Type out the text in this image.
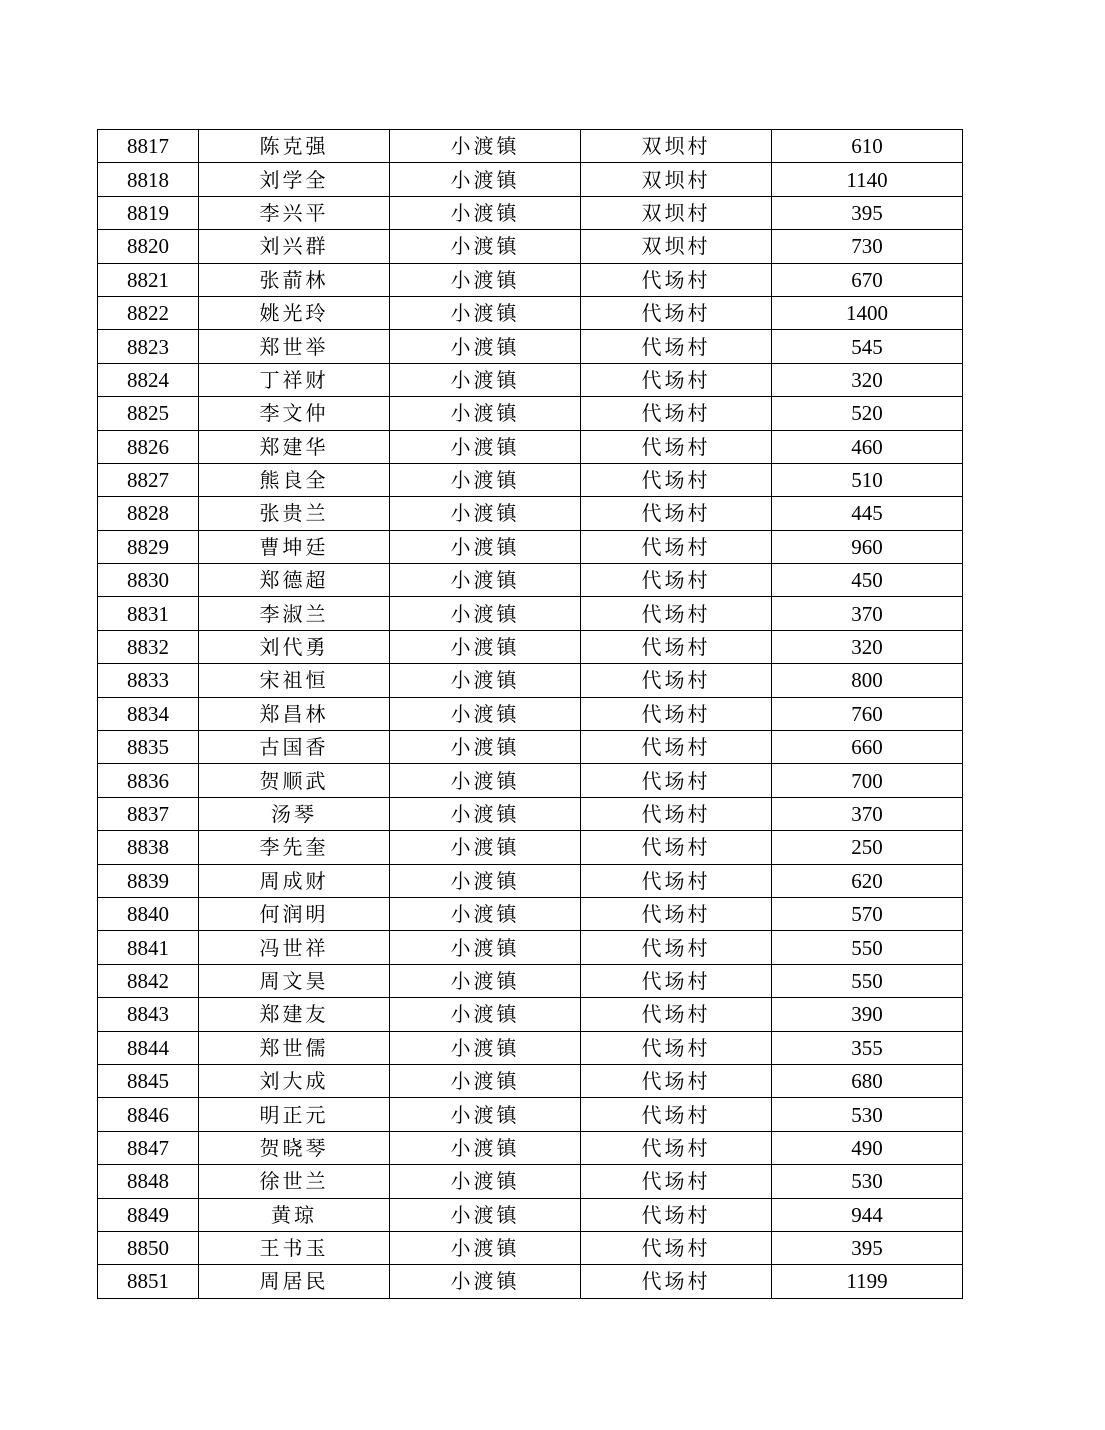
8817	陈克强	小渡镇	双坝村	610
8818	刘学全	小渡镇	双坝村	1140
8819	李兴平	小渡镇	双坝村	395
8820	刘兴群	小渡镇	双坝村	730
8821	张葥林	小渡镇	代场村	670
8822	姚光玲	小渡镇	代场村	1400
8823	郑世举	小渡镇	代场村	545
8824	丁祥财	小渡镇	代场村	320
8825	李文仲	小渡镇	代场村	520
8826	郑建华	小渡镇	代场村	460
8827	熊良全	小渡镇	代场村	510
8828	张贵兰	小渡镇	代场村	445
8829	曹坤廷	小渡镇	代场村	960
8830	郑德超	小渡镇	代场村	450
8831	李淑兰	小渡镇	代场村	370
8832	刘代勇	小渡镇	代场村	320
8833	宋祖恒	小渡镇	代场村	800
8834	郑昌林	小渡镇	代场村	760
8835	古国香	小渡镇	代场村	660
8836	贺顺武	小渡镇	代场村	700
8837	汤琴	小渡镇	代场村	370
8838	李先奎	小渡镇	代场村	250
8839	周成财	小渡镇	代场村	620
8840	何润明	小渡镇	代场村	570
8841	冯世祥	小渡镇	代场村	550
8842	周文昊	小渡镇	代场村	550
8843	郑建友	小渡镇	代场村	390
8844	郑世儒	小渡镇	代场村	355
8845	刘大成	小渡镇	代场村	680
8846	明正元	小渡镇	代场村	530
8847	贺晓琴	小渡镇	代场村	490
8848	徐世兰	小渡镇	代场村	530
8849	黄琼	小渡镇	代场村	944
8850	王书玉	小渡镇	代场村	395
8851	周居民	小渡镇	代场村	1199
